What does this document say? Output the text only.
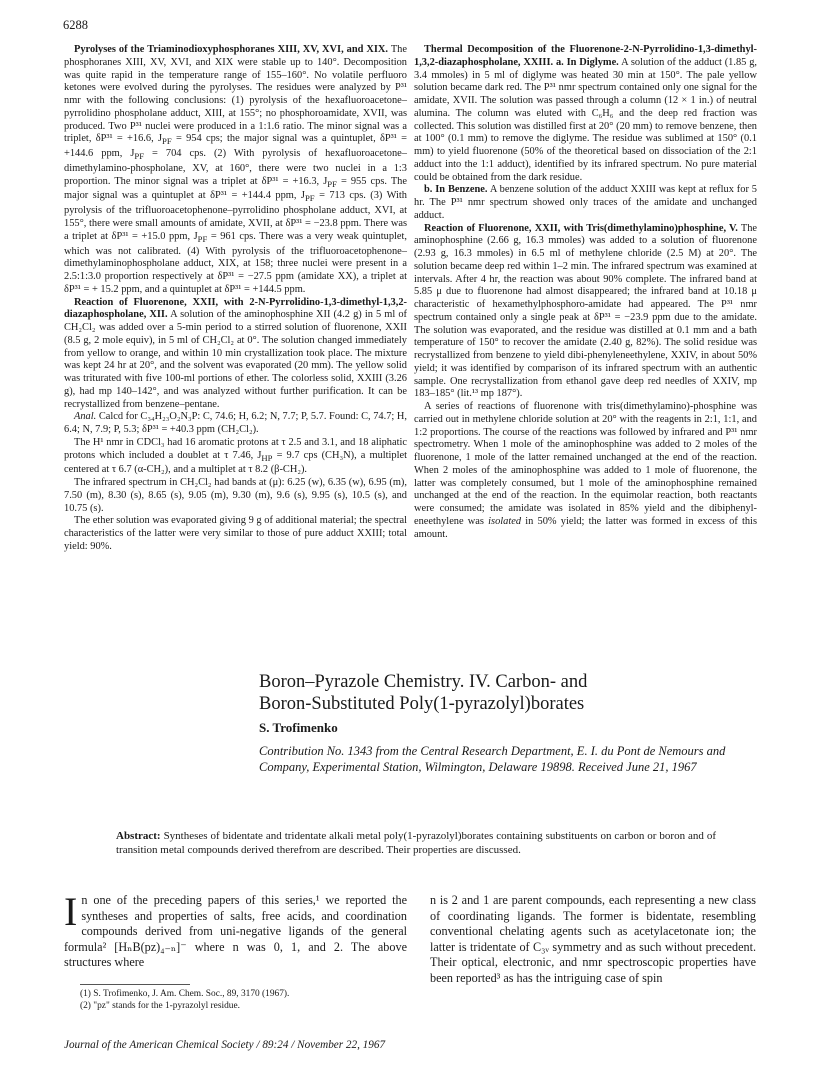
6288

Pyrolyses of the Triaminodioxyphosphoranes XIII, XV, XVI, and XIX. The phosphoranes XIII, XV, XVI, and XIX were stable up to 140°. Decomposition was quite rapid in the temperature range of 155–160°. No volatile perfluoro ketones were evolved during the pyrolyses. The residues were analyzed by P³¹ nmr with the following conclusions: (1) pyrolysis of the hexafluoroacetone–pyrrolidino phospholane adduct, XIII, at 155°; no phosphoroamidate, XVII, was produced. Two P³¹ nuclei were produced in a 1:1.6 ratio. The minor signal was a triplet, δP³¹ = +16.6, $J_{PF} = 954$ cps; the major signal was a quintuplet, δP³¹ = +144.6 ppm, $J_{PF} = 704$ cps. (2) With pyrolysis of hexafluoroacetone–dimethylamino-phospholane, XV, at 160°, there were two nuclei in a 1:3 proportion. The minor signal was a triplet at δP³¹ = +16.3, $J_{PF} = 955$ cps. The major signal was a quintuplet at δP³¹ = +144.4 ppm, $J_{PF} = 713$ cps. (3) With pyrolysis of the trifluoroacetophenone–pyrrolidino phospholane adduct, XVI, at 155°, there were small amounts of amidate, XVII, at δP³¹ = −23.8 ppm. There was a triplet at δP³¹ = +15.0 ppm, $J_{PF} = 961$ cps. There was a very weak quintuplet, which was not calibrated. (4) With pyrolysis of the trifluoroacetophenone–dimethylaminophospholane adduct, XIX, at 158; three nuclei were present in a 2.5:1:3.0 proportion respectively at δP³¹ = −27.5 ppm (amidate XX), a triplet at δP³¹ = + 15.2 ppm, and a quintuplet at δP³¹ = +144.5 ppm.

Reaction of Fluorenone, XXII, with 2-N-Pyrrolidino-1,3-dimethyl-1,3,2-diazaphospholane, XII. A solution of the aminophosphine XII (4.2 g) in 5 ml of CH₂Cl₂ was added over a 5-min period to a stirred solution of fluorenone, XXII (8.5 g, 2 mole equiv), in 5 ml of CH₂Cl₂ at 0°. The solution changed immediately from yellow to orange, and within 10 min crystallization took place. The mixture was kept 24 hr at 20°, and the solvent was evaporated (20 mm). The yellow solid was triturated with five 100-ml portions of ether. The colorless solid, XXIII (3.26 g), had mp 140–142°, and was analyzed without further purification. It can be recrystallized from benzene–pentane.

Anal. Calcd for C₃₄H₂₃O₂N₃P: C, 74.6; H, 6.2; N, 7.7; P, 5.7. Found: C, 74.7; H, 6.4; N, 7.9; P, 5.3; δP³¹ = +40.3 ppm (CH₂Cl₂).

The H¹ nmr in CDCl₃ had 16 aromatic protons at τ 2.5 and 3.1, and 18 aliphatic protons which included a doublet at τ 7.46, $J_{HP} = 9.7$ cps (CH₃N), a multiplet centered at τ 6.7 (α-CH₂), and a multiplet at τ 8.2 (β-CH₂).

The infrared spectrum in CH₂Cl₂ had bands at (μ): 6.25 (w), 6.35 (w), 6.95 (m), 7.50 (m), 8.30 (s), 8.65 (s), 9.05 (m), 9.30 (m), 9.6 (s), 9.95 (s), 10.5 (s), and 10.75 (s).

The ether solution was evaporated giving 9 g of additional material; the spectral characteristics of the latter were very similar to those of pure adduct XXIII; total yield: 90%.

Thermal Decomposition of the Fluorenone-2-N-Pyrrolidino-1,3-dimethyl-1,3,2-diazaphospholane, XXIII. a. In Diglyme. A solution of the adduct (1.85 g, 3.4 mmoles) in 5 ml of diglyme was heated 30 min at 150°. The pale yellow solution became dark red. The P³¹ nmr spectrum contained only one signal for the amidate, XVII. The solution was passed through a column (12 × 1 in.) of neutral alumina. The column was eluted with C₆H₆ and the deep red fraction was collected. This solution was distilled first at 20° (20 mm) to remove benzene, then at 100° (0.1 mm) to remove the diglyme. The residue was sublimed at 150° (0.1 mm) to yield fluorenone (50% of the theoretical based on dissociation of the 2:1 adduct into the 1:1 adduct), identified by its infrared spectrum. No pure material could be obtained from the dark residue.

b. In Benzene. A benzene solution of the adduct XXIII was kept at reflux for 5 hr. The P³¹ nmr spectrum showed only traces of the amidate and unchanged adduct.

Reaction of Fluorenone, XXII, with Tris(dimethylamino)phosphine, V. The aminophosphine (2.66 g, 16.3 mmoles) was added to a solution of fluorenone (2.93 g, 16.3 mmoles) in 6.5 ml of methylene chloride (2.5 M) at 20°. The solution became deep red within 1–2 min. The infrared spectrum was examined at intervals. After 4 hr, the reaction was about 90% complete. The infrared band at 5.85 μ due to fluorenone had almost disappeared; the infrared band at 10.18 μ characteristic of hexamethylphosphoro-amidate had appeared. The P³¹ nmr spectrum contained only a single peak at δP³¹ = −23.9 ppm due to the amidate. The solution was evaporated, and the residue was distilled at 0.1 mm and a bath temperature of 150° to recover the amidate (2.40 g, 82%). The solid residue was recrystallized from benzene to yield dibi-phenyleneethylene, XXIV, in about 50% yield; it was identified by comparison of its infrared spectrum with an authentic sample. One recrystallization from ethanol gave deep red needles of XXIV, mp 183–185° (lit.¹³ mp 187°).

A series of reactions of fluorenone with tris(dimethylamino)-phosphine was carried out in methylene chloride solution at 20° with the reagents in 2:1, 1:1, and 1:2 proportions. The course of the reactions was followed by infrared and P³¹ nmr spectrometry. When 1 mole of the aminophosphine was added to 2 moles of the fluorenone, 1 mole of the latter remained unchanged at the end of the reaction. When 2 moles of the aminophosphine was added to 1 mole of fluorenone, the latter was completely consumed, but 1 mole of the aminophosphine remained unchanged at the end of the reaction. In the equimolar reaction, both reactants were consumed; the amidate was isolated in 85% yield and the dibiphenyl-eneethylene was isolated in 50% yield; the latter was formed in excess of this amount.

Boron–Pyrazole Chemistry. IV. Carbon- and
Boron-Substituted Poly(1-pyrazolyl)borates
S. Trofimenko
Contribution No. 1343 from the Central Research Department, E. I. du Pont de Nemours and Company, Experimental Station, Wilmington, Delaware 19898. Received June 21, 1967
Abstract: Syntheses of bidentate and tridentate alkali metal poly(1-pyrazolyl)borates containing substituents on carbon or boron and of transition metal compounds derived therefrom are described. Their properties are discussed.
I n one of the preceding papers of this series,¹ we reported the syntheses and properties of salts, free acids, and coordination compounds derived from uni-negative ligands of the general formula² [HₙB(pz)₄₋ₙ]⁻ where n was 0, 1, and 2. The above structures where
n is 2 and 1 are parent compounds, each representing a new class of coordinating ligands. The former is bidentate, resembling conventional chelating agents such as acetylacetonate ion; the latter is tridentate of C₃ᵥ symmetry and as such without precedent. Their optical, electronic, and nmr spectroscopic properties have been reported³ as has the intriguing case of spin
(1) S. Trofimenko, J. Am. Chem. Soc., 89, 3170 (1967).
(2) "pz" stands for the 1-pyrazolyl residue.
Journal of the American Chemical Society / 89:24 / November 22, 1967
